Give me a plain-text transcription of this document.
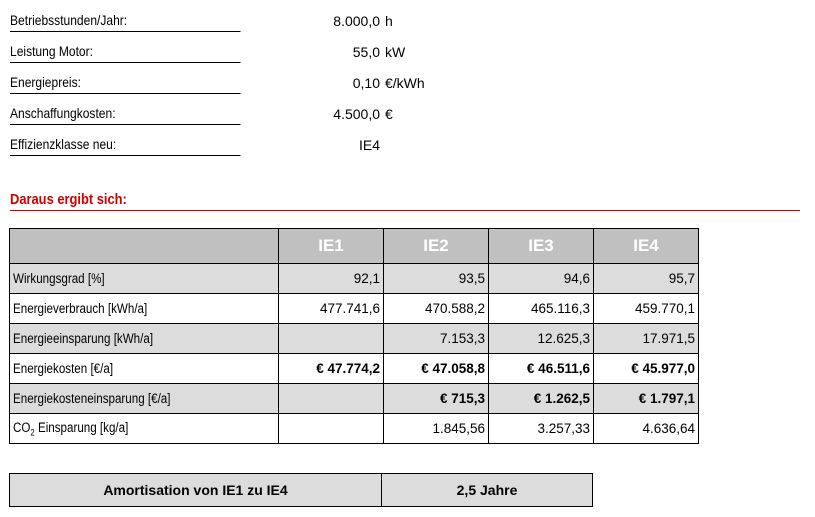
Betriebsstunden/Jahr:	8.000,0 h
Leistung Motor:	55,0 kW
Energiepreis:	0,10 €/kWh
Anschaffungkosten:	4.500,0 €
Effizienzklasse neu:	IE4
Daraus ergibt sich:
	IE1	IE2	IE3	IE4
Wirkungsgrad [%]	92,1	93,5	94,6	95,7
Energieverbrauch [kWh/a]	477.741,6	470.588,2	465.116,3	459.770,1
Energieeinsparung [kWh/a]		7.153,3	12.625,3	17.971,5
Energiekosten [€/a]	€ 47.774,2	€ 47.058,8	€ 46.511,6	€ 45.977,0
Energiekosteneinsparung [€/a]		€ 715,3	€ 1.262,5	€ 1.797,1
$CO_2$ Einsparung [kg/a]		1.845,56	3.257,33	4.636,64
Amortisation von IE1 zu IE4	2,5 Jahre
